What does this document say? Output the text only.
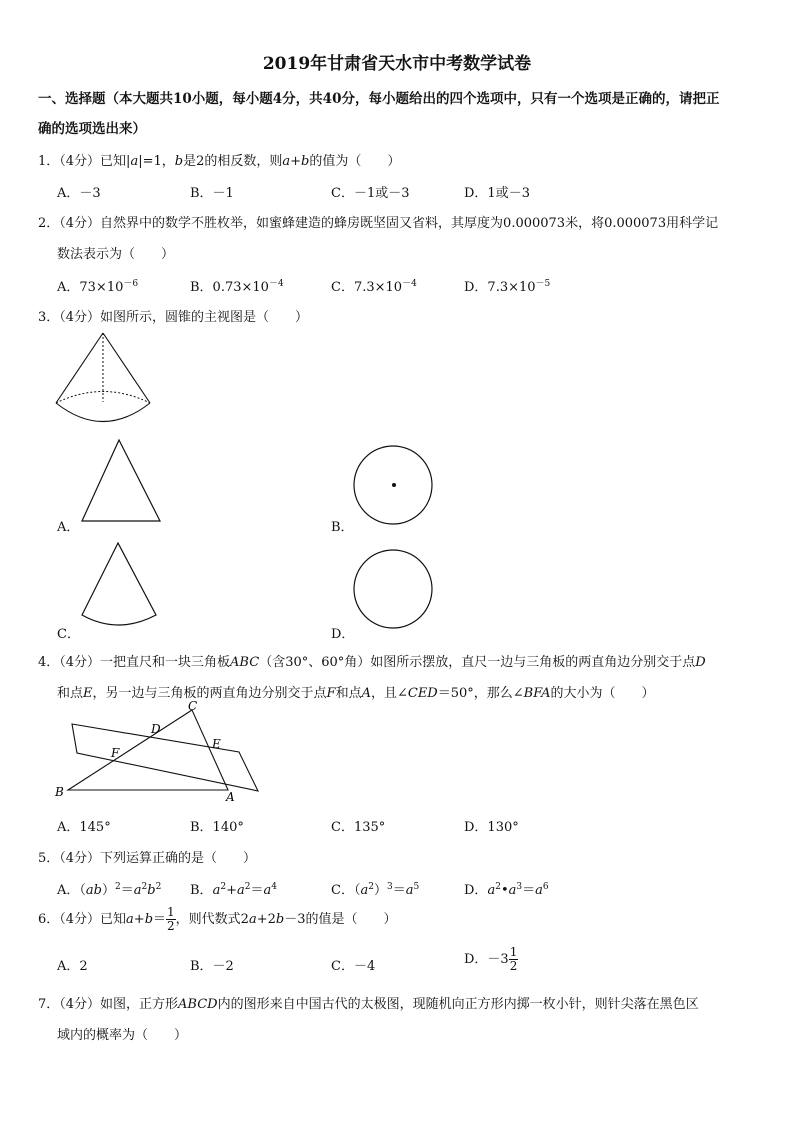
2019年甘肃省天水市中考数学试卷
一、选择题（本大题共10小题，每小题4分，共40分，每小题给出的四个选项中，只有一个选项是正确的，请把正
确的选项选出来）
1．（4分）已知|a|=1，b是2的相反数，则a+b的值为（　　）
A．－3	B．－1	C．－1或－3	D．1或－3
2．（4分）自然界中的数学不胜枚举，如蜜蜂建造的蜂房既坚固又省料，其厚度为0.000073米，将0.000073用科学记
数法表示为（　　）
A．$73\times 10^{-6}$	B．$0.73\times 10^{-4}$	C．$7.3\times 10^{-4}$	D．$7.3\times 10^{-5}$
3．（4分）如图所示，圆锥的主视图是（　　）
A．	B．
C．	D．
4．（4分）一把直尺和一块三角板ABC（含30°、60°角）如图所示摆放，直尺一边与三角板的两直角边分别交于点D
和点E，另一边与三角板的两直角边分别交于点F和点A，且∠CED＝50°，那么∠BFA的大小为（　　）
C
D
E
F
B	A
A．145°	B．140°	C．135°	D．130°
5．（4分）下列运算正确的是（　　）
A．$(ab)^2=a^2b^2$ B．$a^2+a^2=a^4$	C．$(a^2)^3=a^5$	D．$a^2•a^3=a^6$
6．（4分）已知$a+b= \frac{1}{2}$ ，则代数式2a+2b－3的值是（　　）
A．2	B．－2	C．－4	D．$-3 \frac{1}{2}$
7．（4分）如图，正方形ABCD内的图形来自中国古代的太极图，现随机向正方形内掷一枚小针，则针尖落在黑色区
域内的概率为（　　）
